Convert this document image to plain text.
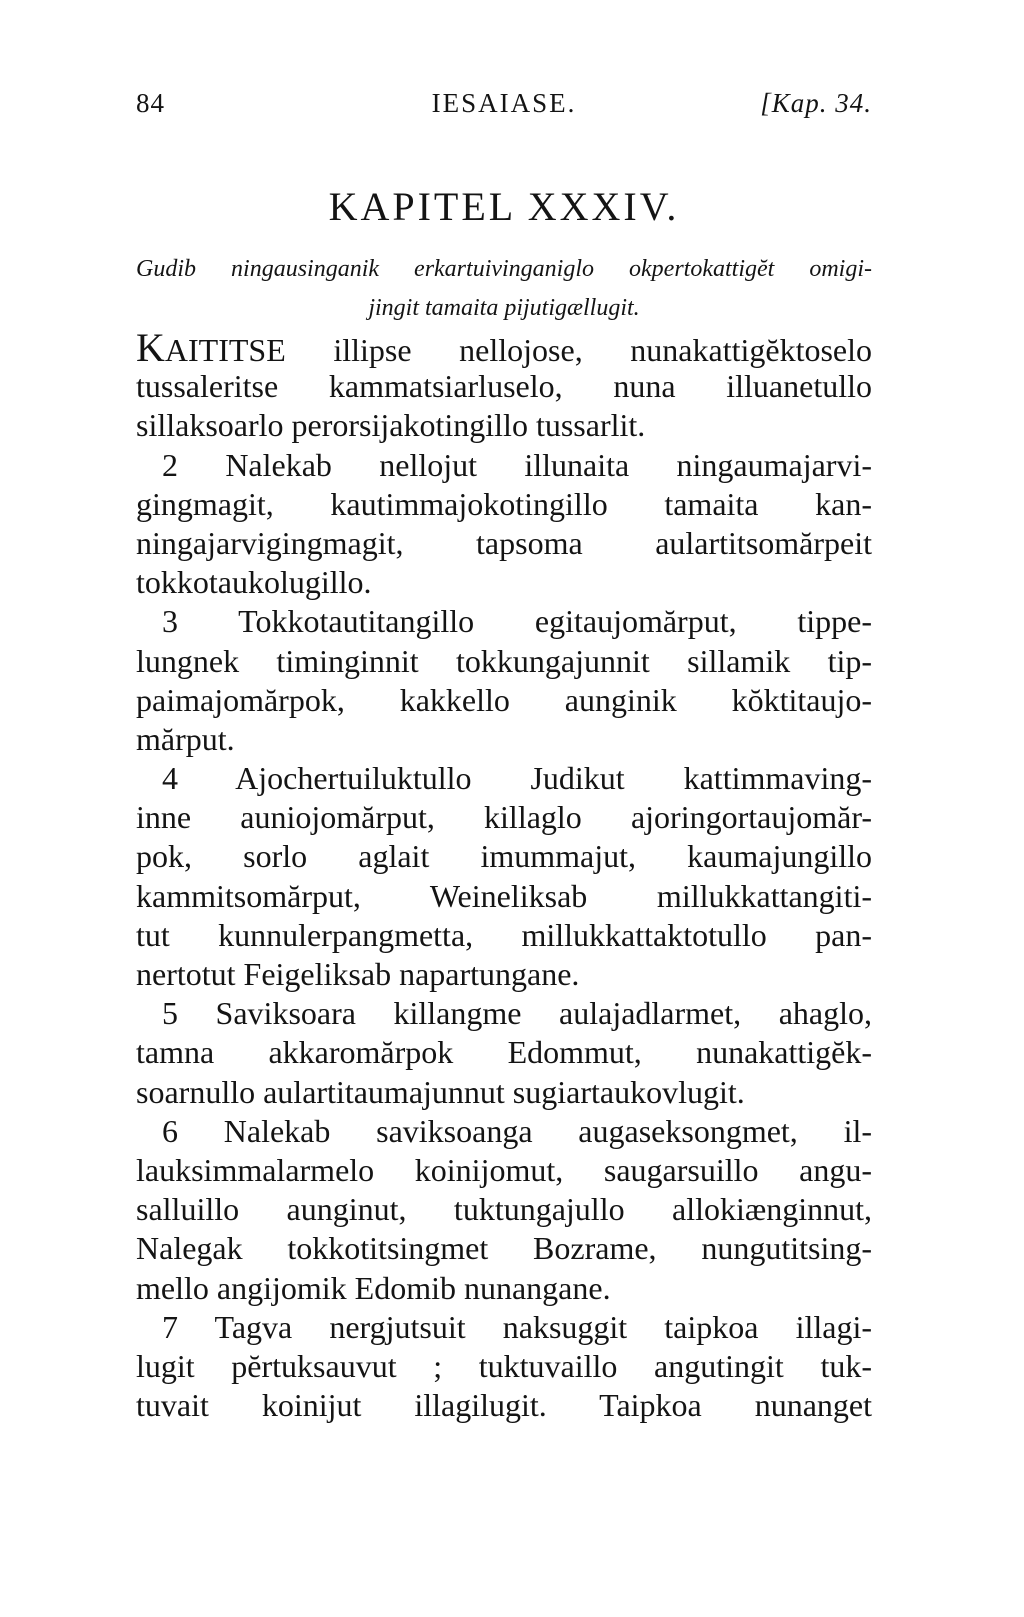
84	IESAIASE.	[Kap. 34.
KAPITEL XXXIV.

Gudib ningausinganik erkartuivinganiglo okpertokattigĕt omigi-
jingit tamaita pijutigællugit.

KAITITSE illipse nellojose, nunakattigĕktoselo
tussaleritse kammatsiarluselo, nuna illuanetullo
sillaksoarlo perorsijakotingillo tussarlit.
2 Nalekab nellojut illunaita ningaumajarvi-
gingmagit, kautimmajokotingillo tamaita kan-
ningajarvigingmagit, tapsoma aulartitsomărpeit
tokkotaukolugillo.
3 Tokkotautitangillo egitaujomărput, tippe-
lungnek timinginnit tokkungajunnit sillamik tip-
paimajomărpok, kakkello aunginik kŏktitaujo-
mărput.
4 Ajochertuiluktullo Judikut kattimmaving-
inne auniojomărput, killaglo ajoringortaujomăr-
pok, sorlo aglait imummajut, kaumajungillo
kammitsomărput, Weineliksab millukkattangiti-
tut kunnulerpangmetta, millukkattaktotullo pan-
nertotut Feigeliksab napartungane.
5 Saviksoara killangme aulajadlarmet, ahaglo,
tamna akkaromărpok Edommut, nunakattigĕk-
soarnullo aulartitaumajunnut sugiartaukovlugit.
6 Nalekab saviksoanga augaseksongmet, il-
lauksimmalarmelo koinijomut, saugarsuillo angu-
salluillo aunginut, tuktungajullo allokiænginnut,
Nalegak tokkotitsingmet Bozrame, nungutitsing-
mello angijomik Edomib nunangane.
7 Tagva nergjutsuit naksuggit taipkoa illagi-
lugit pĕrtuksauvut ; tuktuvaillo angutingit tuk-
tuvait koinijut illagilugit. Taipkoa nunanget
